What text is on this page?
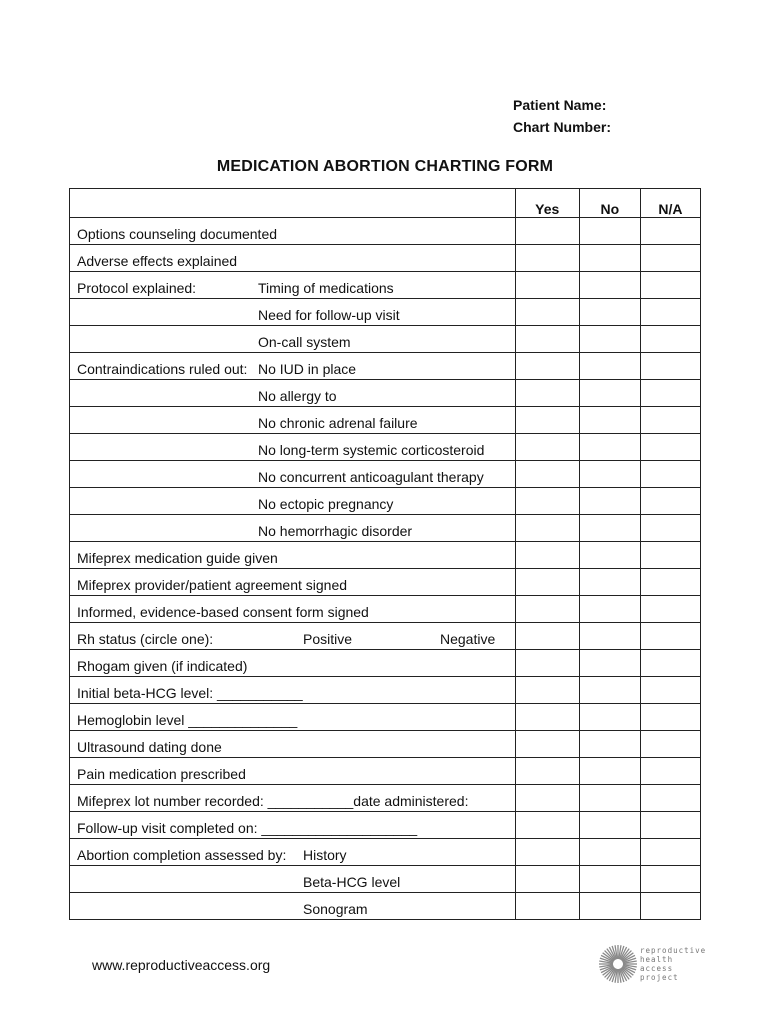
Patient Name:
Chart Number:
MEDICATION ABORTION CHARTING FORM
	Yes	No	N/A

Options counseling documented			

Adverse effects explained			

Protocol explained: Timing of medications			

Need for follow-up visit			

On-call system			

Contraindications ruled out: No IUD in place			

No allergy to			

No chronic adrenal failure			

No long-term systemic corticosteroid			

No concurrent anticoagulant therapy			

No ectopic pregnancy			

No hemorrhagic disorder			

Mifeprex medication guide given			

Mifeprex provider/patient agreement signed			

Informed, evidence-based consent form signed			

Rh status (circle one): Positive Negative			

Rhogam given (if indicated)			

Initial beta-HCG level: ___________			

Hemoglobin level ______________			

Ultrasound dating done			

Pain medication prescribed			

Mifeprex lot number recorded: ___________date administered:			

Follow-up visit completed on: ____________________			

Abortion completion assessed by: History			

Beta-HCG level			

Sonogram			

www.reproductiveaccess.org
reproductive
health
access
project
